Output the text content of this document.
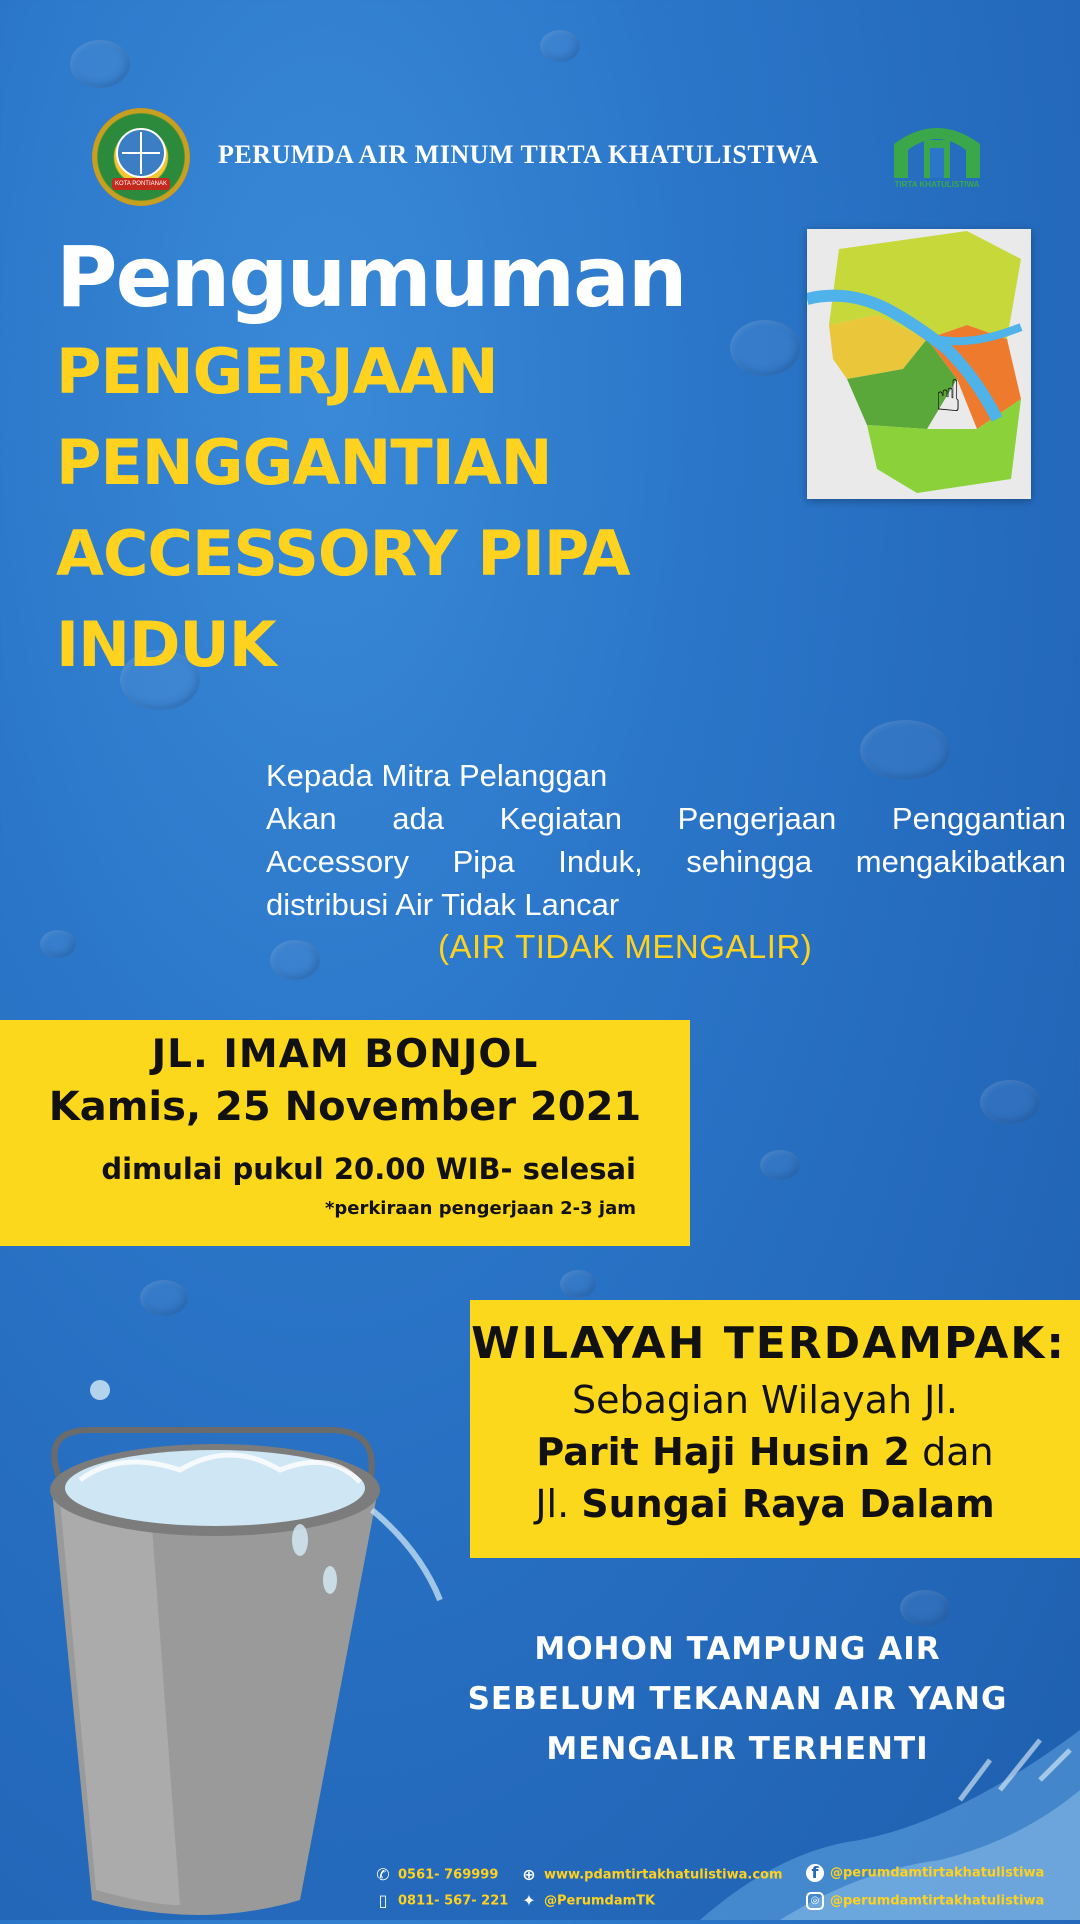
KOTA PONTIANAK
PERUMDA AIR MINUM TIRTA KHATULISTIWA
TIRTA KHATULISTIWA
Pengumuman
PENGERJAAN
PENGGANTIAN
ACCESSORY PIPA
INDUK
☝

Kepada Mitra Pelanggan

Akan ada Kegiatan Pengerjaan Penggantian

Accessory Pipa Induk, sehingga mengakibatkan

distribusi Air Tidak Lancar

(AIR TIDAK MENGALIR)
JL. IMAM BONJOL
Kamis, 25 November 2021
dimulai pukul 20.00 WIB- selesai
*perkiraan pengerjaan 2-3 jam
WILAYAH TERDAMPAK:
Sebagian Wilayah Jl.
Parit Haji Husin 2 dan
Jl. Sungai Raya Dalam
MOHON TAMPUNG AIR
SEBELUM TEKANAN AIR YANG
MENGALIR TERHENTI
✆ 0561- 769999
▯ 0811- 567- 221
⊕ www.pdamtirtakhatulistiwa.com
✦ @PerumdamTK
f @perumdamtirtakhatulistiwa
◎ @perumdamtirtakhatulistiwa
